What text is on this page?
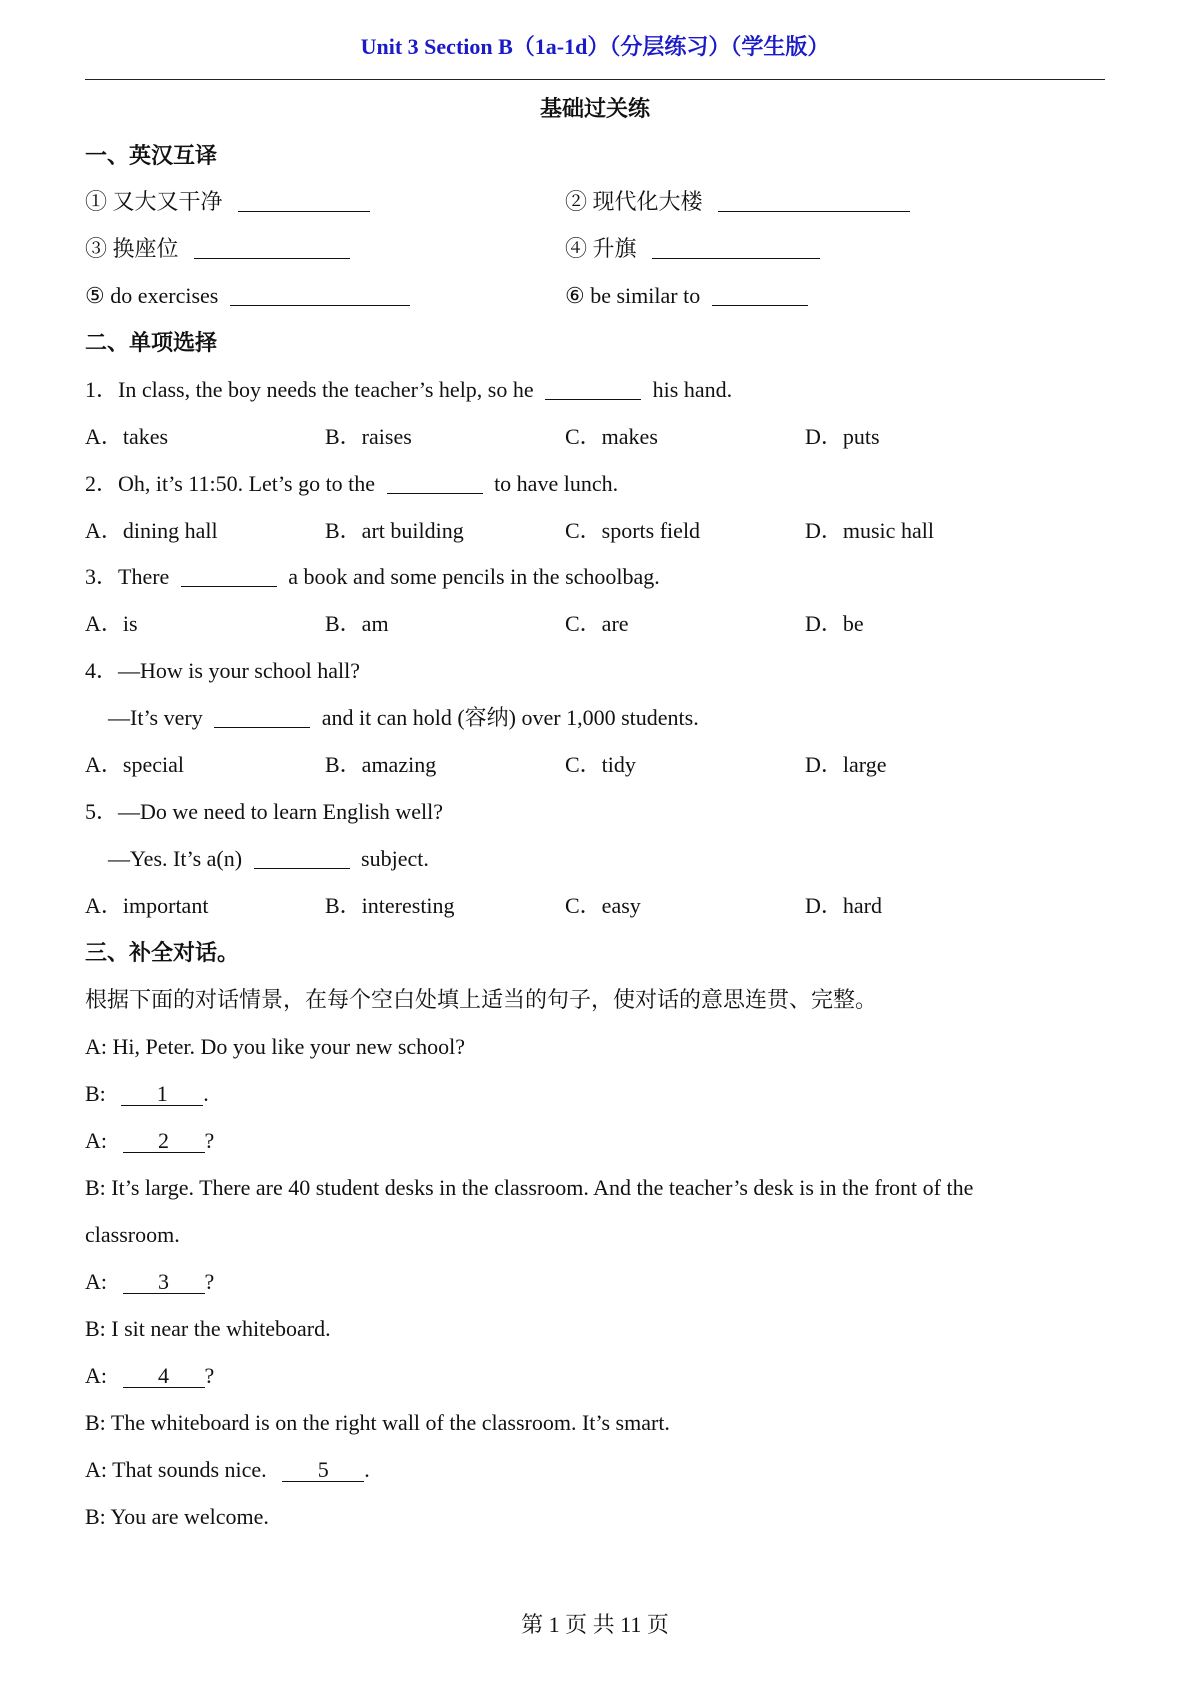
Unit 3 Section B（1a-1d）（分层练习）（学生版）
基础过关练
一、英汉互译
① 又大又干净	② 现代化大楼
③ 换座位	④ 升旗
⑤ do exercises	⑥ be similar to
二、单项选择
1．In class, the boy needs the teacher’s help, so he	his hand.
A．takes	B．raises	C．makes	D．puts
2．Oh, it’s 11:50. Let’s go to the	to have lunch.
A．dining hall	B．art building	C．sports field	D．music hall
3．There	a book and some pencils in the schoolbag.
A．is	B．am	C．are	D．be
4．—How is your school hall?
—It’s very	and it can hold (容纳) over 1,000 students.
A．special	B．amazing	C．tidy	D．large
5．—Do we need to learn English well?
—Yes. It’s a(n)	subject.
A．important	B．interesting	C．easy	D．hard
三、补全对话。
根据下面的对话情景，在每个空白处填上适当的句子，使对话的意思连贯、完整。
A: Hi, Peter. Do you like your new school?
B: 1 .
A: 2 ?
B: It’s large. There are 40 student desks in the classroom. And the teacher’s desk is in the front of the
classroom.
A: 3 ?
B: I sit near the whiteboard.
A: 4 ?
B: The whiteboard is on the right wall of the classroom. It’s smart.
A: That sounds nice. 5 .
B: You are welcome.
第 1 页 共 11 页
